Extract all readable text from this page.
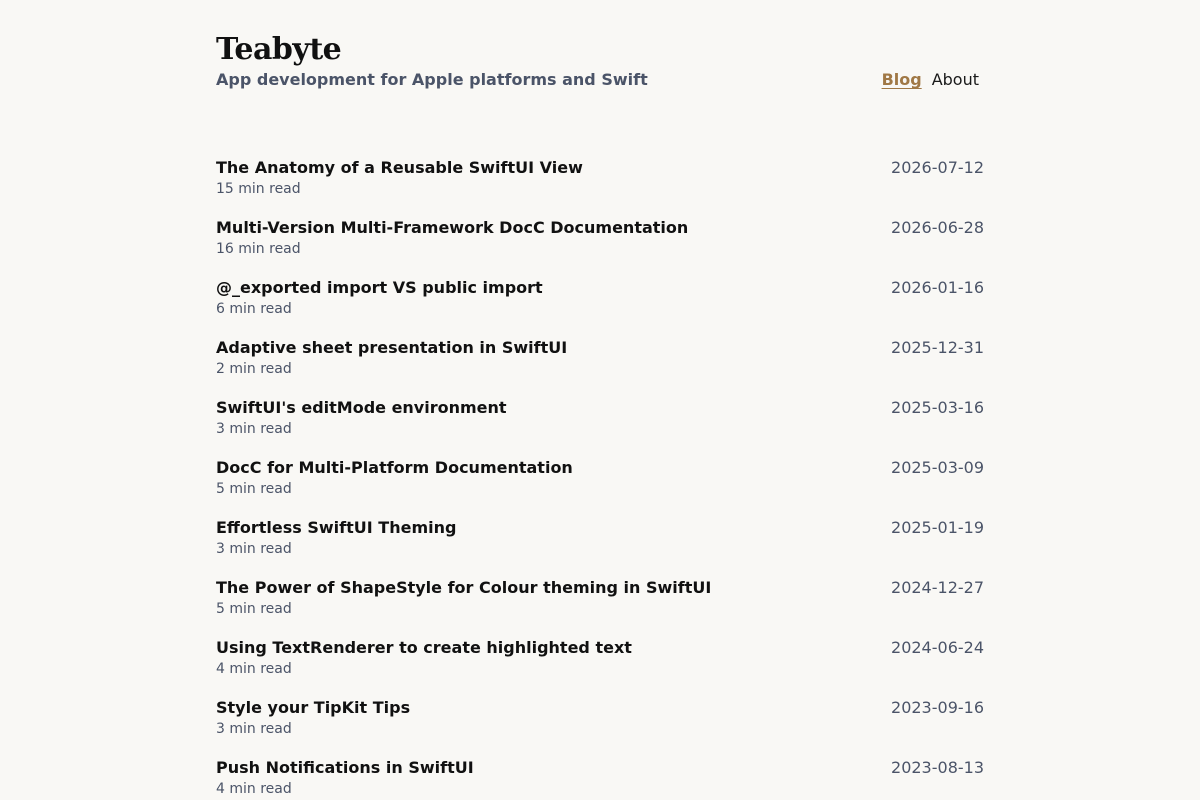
Teabyte
App development for Apple platforms and Swift	Blog About
The Anatomy of a Reusable SwiftUI View
15 min read
2026-07-12
Multi-Version Multi-Framework DocC Documentation
16 min read
2026-06-28
@_exported import VS public import
6 min read
2026-01-16
Adaptive sheet presentation in SwiftUI
2 min read
2025-12-31
SwiftUI's editMode environment
3 min read
2025-03-16
DocC for Multi-Platform Documentation
5 min read
2025-03-09
Effortless SwiftUI Theming
3 min read
2025-01-19
The Power of ShapeStyle for Colour theming in SwiftUI
5 min read
2024-12-27
Using TextRenderer to create highlighted text
4 min read
2024-06-24
Style your TipKit Tips
3 min read
2023-09-16
Push Notifications in SwiftUI
4 min read
2023-08-13
